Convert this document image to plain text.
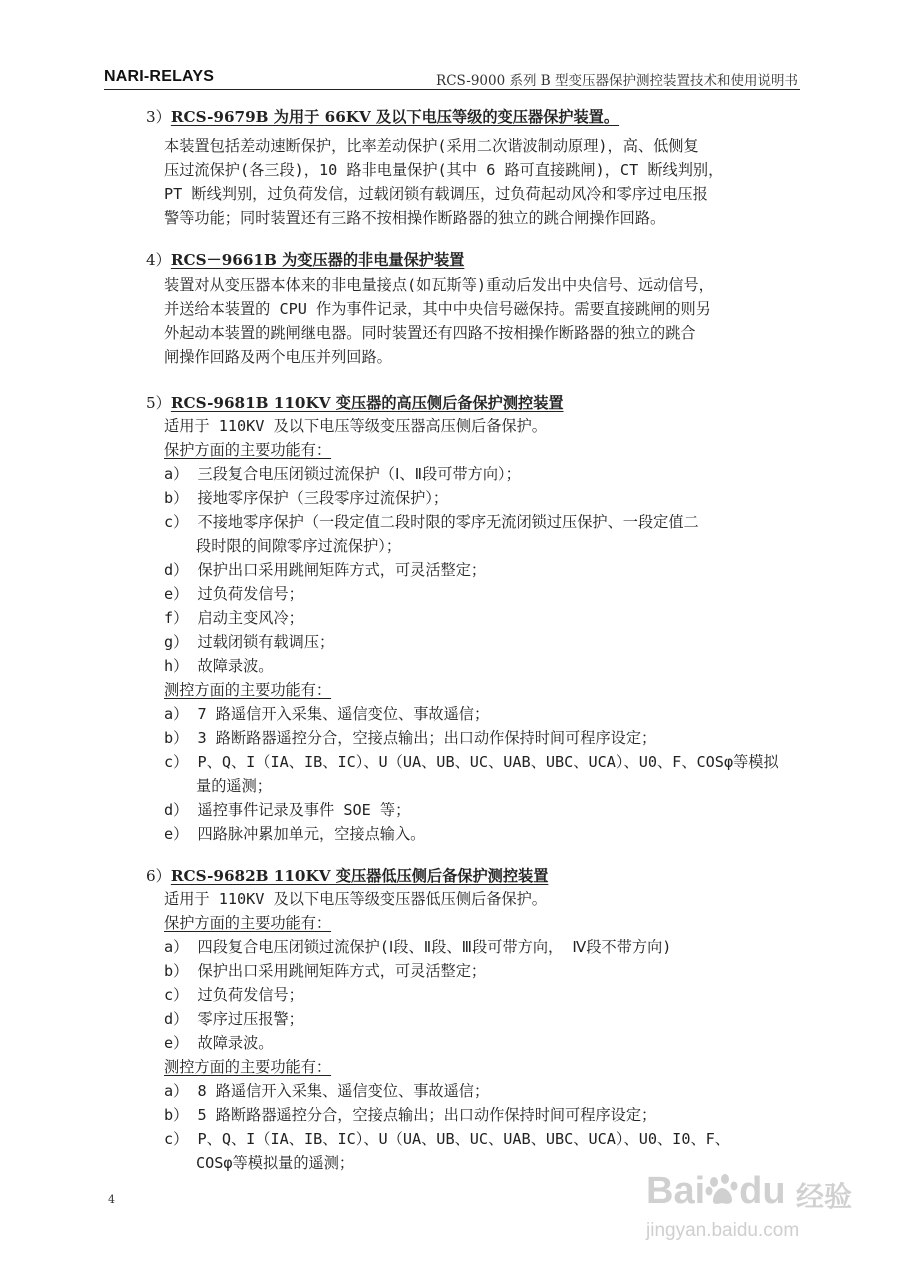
NARI-RELAYS	RCS-9000 系列 B 型变压器保护测控装置技术和使用说明书
3）RCS-9679B 为用于 66KV 及以下电压等级的变压器保护装置。
本装置包括差动速断保护，比率差动保护(采用二次谐波制动原理)，高、低侧复
压过流保护(各三段)，10 路非电量保护(其中 6 路可直接跳闸)，CT 断线判别，
PT 断线判别，过负荷发信，过载闭锁有载调压，过负荷起动风冷和零序过电压报
警等功能；同时装置还有三路不按相操作断路器的独立的跳合闸操作回路。
4）RCS－9661B 为变压器的非电量保护装置
装置对从变压器本体来的非电量接点(如瓦斯等)重动后发出中央信号、远动信号，
并送给本装置的 CPU 作为事件记录，其中中央信号磁保持。需要直接跳闸的则另
外起动本装置的跳闸继电器。同时装置还有四路不按相操作断路器的独立的跳合
闸操作回路及两个电压并列回路。
5）RCS-9681B 110KV 变压器的高压侧后备保护测控装置
适用于 110KV 及以下电压等级变压器高压侧后备保护。
保护方面的主要功能有：
a） 三段复合电压闭锁过流保护（Ⅰ、Ⅱ段可带方向）；
b） 接地零序保护（三段零序过流保护）；
c） 不接地零序保护（一段定值二段时限的零序无流闭锁过压保护、一段定值二
段时限的间隙零序过流保护）；
d） 保护出口采用跳闸矩阵方式，可灵活整定；
e） 过负荷发信号；
f） 启动主变风冷；
g） 过载闭锁有载调压；
h） 故障录波。
测控方面的主要功能有：
a） 7 路遥信开入采集、遥信变位、事故遥信；
b） 3 路断路器遥控分合，空接点输出；出口动作保持时间可程序设定；
c） P、Q、I（IA、IB、IC）、U（UA、UB、UC、UAB、UBC、UCA）、U0、F、COSφ等模拟
量的遥测；
d） 遥控事件记录及事件 SOE 等；
e） 四路脉冲累加单元，空接点输入。
6）RCS-9682B 110KV 变压器低压侧后备保护测控装置
适用于 110KV 及以下电压等级变压器低压侧后备保护。
保护方面的主要功能有：
a） 四段复合电压闭锁过流保护(Ⅰ段、Ⅱ段、Ⅲ段可带方向， Ⅳ段不带方向)
b） 保护出口采用跳闸矩阵方式，可灵活整定；
c） 过负荷发信号；
d） 零序过压报警；
e） 故障录波。
测控方面的主要功能有：
a） 8 路遥信开入采集、遥信变位、事故遥信；
b） 5 路断路器遥控分合，空接点输出；出口动作保持时间可程序设定；
c） P、Q、I（IA、IB、IC）、U（UA、UB、UC、UAB、UBC、UCA）、U0、I0、F、
COSφ等模拟量的遥测；
4	Bai du 经验
jingyan.baidu.com
